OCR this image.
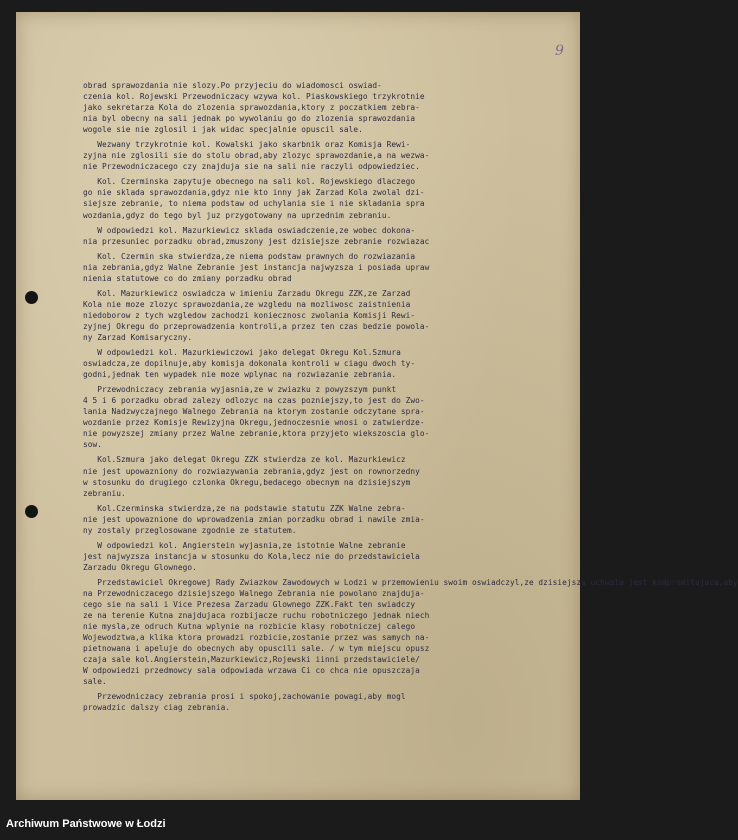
9
obrad sprawozdania nie slozy.Po przyjeciu do wiadomosci oswiad-
czenia kol. Rojewski Przewodniczacy wzywa kol. Piaskowskiego trzykrotnie
jako sekretarza Kola do zlozenia sprawozdania,ktory z poczatkiem zebra-
nia byl obecny na sali jednak po wywolaniu go do zlozenia sprawozdania
wogole sie nie zglosil i jak widac specjalnie opuscil sale.
Wezwany trzykrotnie kol. Kowalski jako skarbnik oraz Komisja Rewi-
zyjna nie zglosili sie do stolu obrad,aby zlozyc sprawozdanie,a na wezwa-
nie Przewodniczacego czy znajduja sie na sali nie raczyli odpowiedziec.
Kol. Czerminska zapytuje obecnego na sali kol. Rojewskiego dlaczego
go nie sklada sprawozdania,gdyz nie kto inny jak Zarzad Kola zwolal dzi-
siejsze zebranie, to niema podstaw od uchylania sie i nie skladania spra
wozdania,gdyz do tego byl juz przygotowany na uprzednim zebraniu.
W odpowiedzi kol. Mazurkiewicz sklada oswiadczenie,ze wobec dokona-
nia przesuniec porzadku obrad,zmuszony jest dzisiejsze zebranie rozwiazac
Kol. Czermin ska stwierdza,ze niema podstaw prawnych do rozwiazania
nia zebrania,gdyz Walne Zebranie jest instancja najwyzsza i posiada upraw
nienia statutowe co do zmiany porzadku obrad
Kol. Mazurkiewicz oswiadcza w imieniu Zarzadu Okregu ZZK,ze Zarzad
Kola nie moze zlozyc sprawozdania,ze wzgledu na mozliwosc zaistnienia
niedoborow z tych wzgledow zachodzi koniecznosc zwolania Komisji Rewi-
zyjnej Okregu do przeprowadzenia kontroli,a przez ten czas bedzie powola-
ny Zarzad Komisaryczny.
W odpowiedzi kol. Mazurkiewiczowi jako delegat Okregu Kol.Szmura
oswiadcza,ze dopilnuje,aby komisja dokonala kontroli w ciagu dwoch ty-
godni,jednak ten wypadek nie moze wplynac na rozwiazanie zebrania.
Przewodniczacy zebrania wyjasnia,ze w zwiazku z powyzszym punkt
4 5 i 6 porzadku obrad zalezy odlozyc na czas pozniejszy,to jest do Zwo-
lania Nadzwyczajnego Walnego Zebrania na ktorym zostanie odczytane spra-
wozdanie przez Komisje Rewizyjna Okregu,jednoczesnie wnosi o zatwierdze-
nie powyzszej zmiany przez Walne zebranie,ktora przyjeto wiekszoscia glo-
sow.
Kol.Szmura jako delegat Okregu ZZK stwierdza ze kol. Mazurkiewicz
nie jest upowazniony do rozwiazywania zebrania,gdyz jest on rownorzedny
w stosunku do drugiego czlonka Okregu,bedacego obecnym na dzisiejszym
zebraniu.
Kol.Czerminska stwierdza,ze na podstawie statutu ZZK Walne zebra-
nie jest upowaznione do wprowadzenia zmian porzadku obrad i nawile zmia-
ny zostaly przeglosowane zgodnie ze statutem.
W odpowiedzi kol. Angierstein wyjasnia,ze istotnie Walne zebranie
jest najwyzsza instancja w stosunku do Kola,lecz nie do przedstawiciela
Zarzadu Okregu Glownego.
Przedstawiciel Okregowej Rady Zwiazkow Zawodowych w Lodzi w przemowieniu swoim oswiadczyl,ze dzisiejsza uchwala jest kompromitujaca,aby
na Przewodniczacego dzisiejszego Walnego Zebrania nie powolano znajduja-
cego sie na sali i Vice Prezesa Zarzadu Glownego ZZK.Fakt ten swiadczy
ze na terenie Kutna znajdujaca rozbijacze ruchu robotniczego jednak niech
nie mysla,ze odruch Kutna wplynie na rozbicie klasy robotniczej calego
Wojewodztwa,a klika ktora prowadzi rozbicie,zostanie przez was samych na-
pietnowana i apeluje do obecnych aby opuscili sale. / w tym miejscu opusz
czaja sale kol.Angierstein,Mazurkiewicz,Rojewski iinni przedstawiciele/
W odpowiedzi przedmowcy sala odpowiada wrzawa Ci co chca nie opuszczaja
sale.
Przewodniczacy zebrania prosi i spokoj,zachowanie powagi,aby mogl
prowadzic dalszy ciag zebrania.
Archiwum Państwowe w Łodzi
